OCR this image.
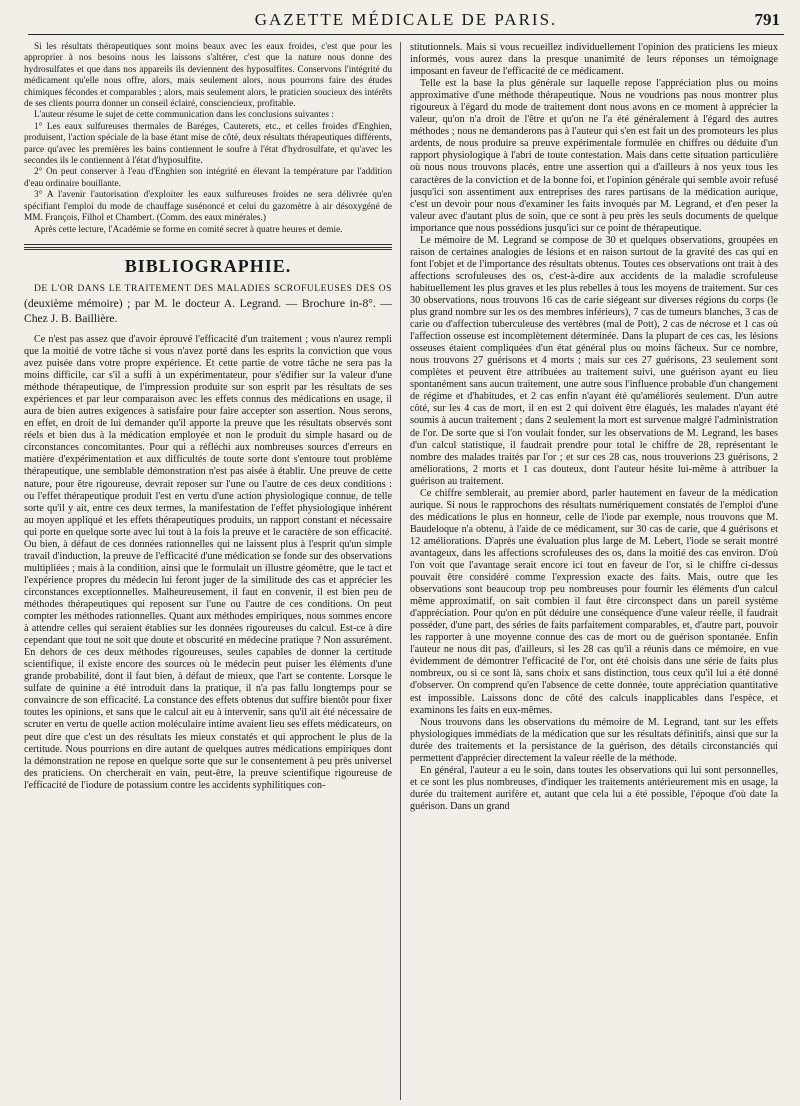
GAZETTE MÉDICALE DE PARIS.	791

Si les résultats thérapeutiques sont moins beaux avec les eaux froides, c'est que pour les approprier à nos besoins nous les laissons s'altérer, c'est que la nature nous donne des hydrosulfates et que dans nos appareils ils deviennent des hyposulfites. Conservons l'intégrité du médicament qu'elle nous offre, alors, mais seulement alors, nous pourrons faire des études chimiques fécondes et comparables ; alors, mais seulement alors, le praticien soucieux des intérêts de ses clients pourra donner un conseil éclairé, consciencieux, profitable.

L'auteur résume le sujet de cette communication dans les conclusions suivantes :

1° Les eaux sulfureuses thermales de Baréges, Cauterets, etc., et celles froides d'Enghien, produisent, l'action spéciale de la base étant mise de côté, deux résultats thérapeutiques différents, parce qu'avec les premières les bains contiennent le soufre à l'état d'hydrosulfate, et qu'avec les secondes ils le contiennent à l'état d'hyposulfite.

2° On peut conserver à l'eau d'Enghien son intégrité en élevant la température par l'addition d'eau ordinaire bouillante.

3° A l'avenir l'autorisation d'exploiter les eaux sulfureuses froides ne sera délivrée qu'en spécifiant l'emploi du mode de chauffage susénoncé et celui du gazomètre à air désoxygéné de MM. François, Filhol et Chambert. (Comm. des eaux minérales.)

Après cette lecture, l'Académie se forme en comité secret à quatre heures et demie.

BIBLIOGRAPHIE.

DE L'OR DANS LE TRAITEMENT DES MALADIES SCROFULEUSES DES OS (deuxième mémoire) ; par M. le docteur A. Legrand. — Brochure in-8°. — Chez J. B. Baillière.

Ce n'est pas assez que d'avoir éprouvé l'efficacité d'un traitement ; vous n'aurez rempli que la moitié de votre tâche si vous n'avez porté dans les esprits la conviction que vous avez puisée dans votre propre expérience. Et cette partie de votre tâche ne sera pas la moins difficile, car s'il a suffi à un expérimentateur, pour s'édifier sur la valeur d'une méthode thérapeutique, de l'impression produite sur son esprit par les résultats de ses expériences et par leur comparaison avec les effets connus des médications en usage, il aura de bien autres exigences à satisfaire pour faire accepter son assertion. Nous serons, en effet, en droit de lui demander qu'il apporte la preuve que les résultats observés sont réels et bien dus à la médication employée et non le produit du simple hasard ou de circonstances concomitantes. Pour qui a réfléchi aux nombreuses sources d'erreurs en matière d'expérimentation et aux difficultés de toute sorte dont s'entoure tout problème thérapeutique, une semblable démonstration n'est pas aisée à établir. Une preuve de cette nature, pour être rigoureuse, devrait reposer sur l'une ou l'autre de ces deux conditions : ou l'effet thérapeutique produit l'est en vertu d'une action physiologique connue, de telle sorte qu'il y ait, entre ces deux termes, la manifestation de l'effet physiologique inhérent au moyen appliqué et les effets thérapeutiques produits, un rapport constant et nécessaire qui porte en quelque sorte avec lui tout à la fois la preuve et le caractère de son efficacité. Ou bien, à défaut de ces données rationnelles qui ne laissent plus à l'esprit qu'un simple travail d'induction, la preuve de l'efficacité d'une médication se fonde sur des observations multipliées ; mais à la condition, ainsi que le formulait un illustre géomètre, que le tact et l'expérience propres du médecin lui feront juger de la similitude des cas et apprécier les circonstances exceptionnelles. Malheureusement, il faut en convenir, il est bien peu de méthodes thérapeutiques qui reposent sur l'une ou l'autre de ces conditions. On peut compter les méthodes rationnelles. Quant aux méthodes empiriques, nous sommes encore à attendre celles qui seraient établies sur les données rigoureuses du calcul. Est-ce à dire cependant que tout ne soit que doute et obscurité en médecine pratique ? Non assurément. En dehors de ces deux méthodes rigoureuses, seules capables de donner la certitude scientifique, il existe encore des sources où le médecin peut puiser les éléments d'une grande probabilité, dont il faut bien, à défaut de mieux, que l'art se contente. Lorsque le sulfate de quinine a été introduit dans la pratique, il n'a pas fallu longtemps pour se convaincre de son efficacité. La constance des effets obtenus dut suffire bientôt pour fixer toutes les opinions, et sans que le calcul ait eu à intervenir, sans qu'il ait été nécessaire de scruter en vertu de quelle action moléculaire intime avaient lieu ses effets médicateurs, on peut dire que c'est un des résultats les mieux constatés et qui approchent le plus de la certitude. Nous pourrions en dire autant de quelques autres médications empiriques dont la démonstration ne repose en quelque sorte que sur le consentement à peu près universel des praticiens. On chercherait en vain, peut-être, la preuve scientifique rigoureuse de l'efficacité de l'iodure de potassium contre les accidents syphilitiques con-

stitutionnels. Mais si vous recueillez individuellement l'opinion des praticiens les mieux informés, vous aurez dans la presque unanimité de leurs réponses un témoignage imposant en faveur de l'efficacité de ce médicament.

Telle est la base la plus générale sur laquelle repose l'appréciation plus ou moins approximative d'une méthode thérapeutique. Nous ne voudrions pas nous montrer plus rigoureux à l'égard du mode de traitement dont nous avons en ce moment à apprécier la valeur, qu'on n'a droit de l'être et qu'on ne l'a été généralement à l'égard des autres méthodes ; nous ne demanderons pas à l'auteur qui s'en est fait un des promoteurs les plus ardents, de nous produire sa preuve expérimentale formulée en chiffres ou déduite d'un rapport physiologique à l'abri de toute contestation. Mais dans cette situation particulière où nous nous trouvons placés, entre une assertion qui a d'ailleurs à nos yeux tous les caractères de la conviction et de la bonne foi, et l'opinion générale qui semble avoir refusé jusqu'ici son assentiment aux entreprises des rares partisans de la médication aurique, c'est un devoir pour nous d'examiner les faits invoqués par M. Legrand, et d'en peser la valeur avec d'autant plus de soin, que ce sont à peu près les seuls documents de quelque importance que nous possédions jusqu'ici sur ce point de thérapeutique.

Le mémoire de M. Legrand se compose de 30 et quelques observations, groupées en raison de certaines analogies de lésions et en raison surtout de la gravité des cas qui en font l'objet et de l'importance des résultats obtenus. Toutes ces observations ont trait à des affections scrofuleuses des os, c'est-à-dire aux accidents de la maladie scrofuleuse habituellement les plus graves et les plus rebelles à tous les moyens de traitement. Sur ces 30 observations, nous trouvons 16 cas de carie siégeant sur diverses régions du corps (le plus grand nombre sur les os des membres inférieurs), 7 cas de tumeurs blanches, 3 cas de carie ou d'affection tuberculeuse des vertèbres (mal de Pott), 2 cas de nécrose et 1 cas où l'affection osseuse est incomplètement déterminée. Dans la plupart de ces cas, les lésions osseuses étaient compliquées d'un état général plus ou moins fâcheux. Sur ce nombre, nous trouvons 27 guérisons et 4 morts ; mais sur ces 27 guérisons, 23 seulement sont complètes et peuvent être attribuées au traitement suivi, une guérison ayant eu lieu spontanément sans aucun traitement, une autre sous l'influence probable d'un changement de régime et d'habitudes, et 2 cas enfin n'ayant été qu'améliorés seulement. D'un autre côté, sur les 4 cas de mort, il en est 2 qui doivent être élagués, les malades n'ayant été soumis à aucun traitement ; dans 2 seulement la mort est survenue malgré l'administration de l'or. De sorte que si l'on voulait fonder, sur les observations de M. Legrand, les bases d'un calcul statistique, il faudrait prendre pour total le chiffre de 28, représentant le nombre des malades traités par l'or ; et sur ces 28 cas, nous trouverions 23 guérisons, 2 améliorations, 2 morts et 1 cas douteux, dont l'auteur hésite lui-même à attribuer la guérison au traitement.

Ce chiffre semblerait, au premier abord, parler hautement en faveur de la médication aurique. Si nous le rapprochons des résultats numériquement constatés de l'emploi d'une des médications le plus en honneur, celle de l'iode par exemple, nous trouvons que M. Baudeloque n'a obtenu, à l'aide de ce médicament, sur 30 cas de carie, que 4 guérisons et 12 améliorations. D'après une évaluation plus large de M. Lebert, l'iode se serait montré avantageux, dans les affections scrofuleuses des os, dans la moitié des cas environ. D'où l'on voit que l'avantage serait encore ici tout en faveur de l'or, si le chiffre ci-dessus pouvait être considéré comme l'expression exacte des faits. Mais, outre que les observations sont beaucoup trop peu nombreuses pour fournir les éléments d'un calcul même approximatif, on sait combien il faut être circonspect dans un pareil système d'appréciation. Pour qu'on en pût déduire une conséquence d'une valeur réelle, il faudrait posséder, d'une part, des séries de faits parfaitement comparables, et, d'autre part, pouvoir les rapporter à une moyenne connue des cas de mort ou de guérison spontanée. Enfin l'auteur ne nous dit pas, d'ailleurs, si les 28 cas qu'il a réunis dans ce mémoire, en vue évidemment de démontrer l'efficacité de l'or, ont été choisis dans une série de faits plus nombreux, ou si ce sont là, sans choix et sans distinction, tous ceux qu'il lui a été donné d'observer. On comprend qu'en l'absence de cette donnée, toute appréciation quantitative est impossible. Laissons donc de côté des calculs inapplicables dans l'espèce, et examinons les faits en eux-mêmes.

Nous trouvons dans les observations du mémoire de M. Legrand, tant sur les effets physiologiques immédiats de la médication que sur les résultats définitifs, ainsi que sur la durée des traitements et la persistance de la guérison, des détails circonstanciés qui permettent d'apprécier directement la valeur réelle de la méthode.

En général, l'auteur a eu le soin, dans toutes les observations qui lui sont personnelles, et ce sont les plus nombreuses, d'indiquer les traitements antérieurement mis en usage, la durée du traitement aurifère et, autant que cela lui a été possible, l'époque d'où date la guérison. Dans un grand
